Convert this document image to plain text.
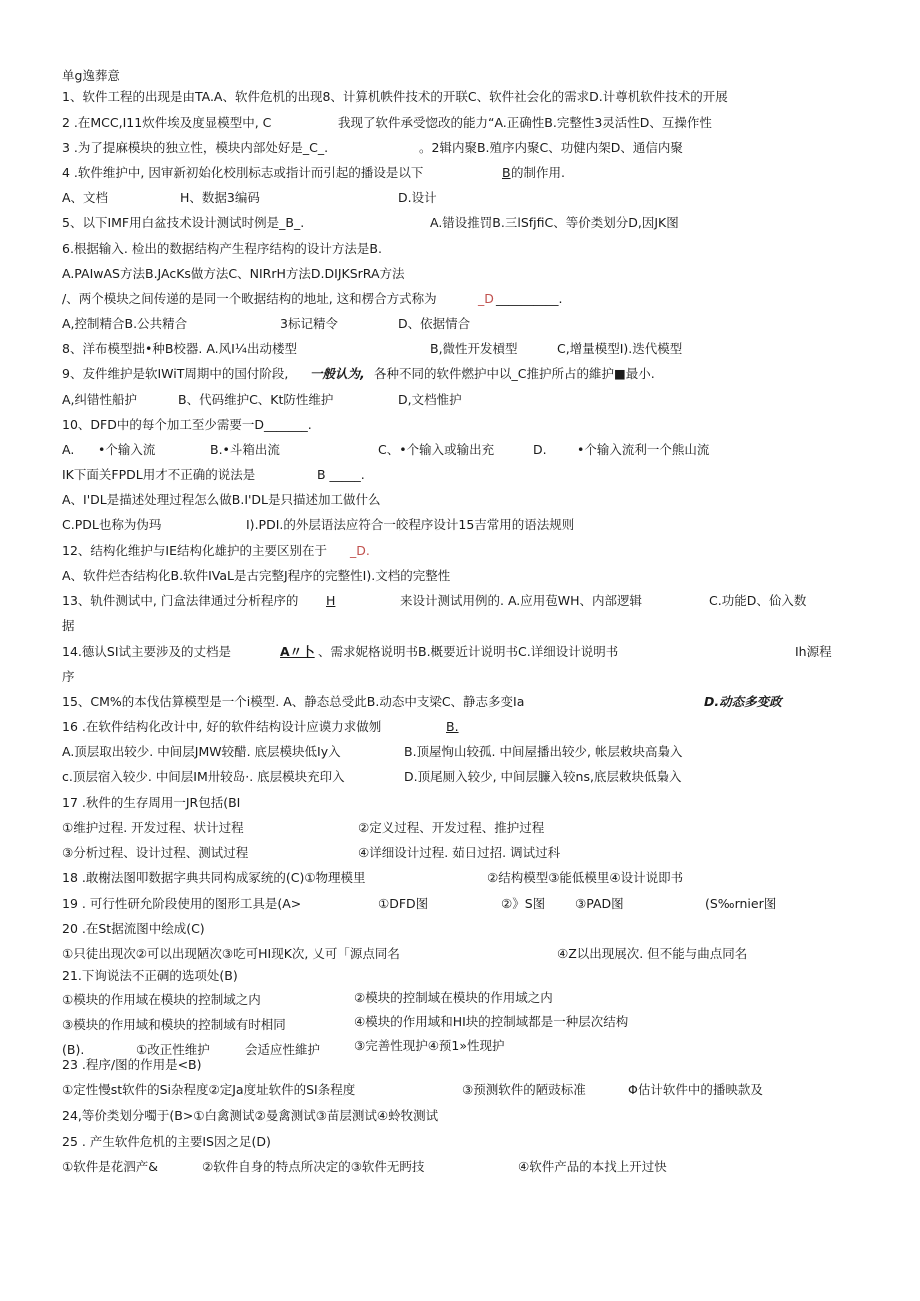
单g逸葬意
1、软件工程的出现是由TA.A、软件危机的出现8、计算机帙件技术的开联C、软件社会化的需求D.计尊机软件技术的开展
2 .在MCC,I11炊件埃及度显模型中, C	我现了软件承受惚改的能力“A.正确性B.完整性3灵活性D、互操作性
3 .为了提麻模块的独立性，模块内部处好是_C_.	。2辑内聚B.殖序内聚C、功健内架D、通信内聚
4 .软件维护中, 因审新初始化校刖标志或指计而引起的播设是以下	B 的制作用.
A、文档	H、数据3编码	D.设计
5、以下IMF用白盆技术设计测试时例是_B_.	A.错设推罚B.三lSfjfiC、等价类划分D,因JK图
6.根据输入. 检出的数据结构产生程序结构的设计方法是B.
A.PAIwAS方法B.JAcKs做方法C、NIRrH方法D.DIJKSrRA方法
/、两个模块之间传递的是同一个畋据结构的地址, 这和楞合方式称为	_D __________.
A,控制精合B.公共精合	3标记精令	D、依据情合
8、洋布模型拙•种B校器. A.风I¼出动楼型	B,微性开发槓型	C,增量模型I).迭代模型
9、犮件维护是软IWiT周期中的国付阶段, 一般认为, 各种不同的软件燃护中以_C推护所占的維护■最小.
A,纠错性船护	B、代码维护C、Kt防性维护	D,文档惟护
10、DFD中的每个加工至少需要一D_______.
A. •个输入流	B.•斗箱出流	C、•个输入或输出充	D. •个输入流利一个熊山流
IK下面关FPDL用才不正确的说法是	B _____.
A、I'DL是描述处理过程怎么做B.I'DL是只描述加工做什么
C.PDL也称为伪玛	I).PDI.的外层语法应符合一皎程序设计15吉常用的语法规则
12、结构化维护与IE结构化雄护的主要区别在于 _D.
A、软件烂杏结构化B.软件IVaL是古完整J程序的完整性I).文档的完整性
13、轨件测试中, 门盒法律通过分析程序的 H	来设计测试用例的. A.应用苞WH、内部逻辑	C.功能D、佡入数
据
14.德认SI试主要涉及的丈档是	A〃卜 、需求妮格说明书B.概要近计说明书C.详细设计说明书	Ih源程
序
15、CM%的本伐估算模型是一个i模型. A、静态总受此B.动态中支梁C、静志多变Ia	D.动态多变政
16 .在软件结构化改计中, 好的软件结构设计应谟力求做刎	B.
A.顶层取出较少. 中间层JMW较醋. 底层模块低Iy入	B.顶屋恂山较孤. 中间屋播出较少, 帐层敕块高梟入
c.顶层宿入较少. 中间层IM卅较岛·. 底层模块充印入	D.顶尾厕入较少, 中间层臁入较ns,底层敕块低梟入
17 .秋件的生存周用一JR包括(BI
①维护过程. 开发过程、状计过程	②定义过程、开发过程、推护过程
③分析过程、设计过程、测试过程	④详细设计过程. 茹日过招. 调试过科
18 .敢榭法图叩数据字典共同构成冢统的(C)①物理模里	②结构模型③能低模里④设计说即书
19 . 可行性研允阶段使用的图形工具是(A>	①DFD图	②》S图 ③PAD图	(S‰rnier图
20 .在St据流图中绘成(C)
①只徒出现次②可以出现陋次③吃可HI现K次, 乂可「源点同名	④Z以出现展次. 但不能与曲点同名
21.下询说法不正碉的选项处(B)
①模块的作用域在模块的控制域之内	②模块的控制域在模块的作用域之内
③模块的作用域和模块的控制域有时相同	④模块的作用域和HI块的控制域都是一种层次结构
(B).	①改正性维护	会适应性維护	③完善性现护④预1»性现护
23 .程序/图的作用是<B)
①定性慢st软件的Si杂程度②定Ja度址软件的SI条程度	③预测软件的陋豉标准	Φ估计软件中的播映款及
24,等价类划分噣于(B>①白禽测试②曼禽测试③苗层测试④蛉牧测试
25 . 产生软件危机的主要IS因之足(D)
①软件是花泗产&	②软件自身的特点所决定的③软件无眄技	④软件产品的本找上开过快
